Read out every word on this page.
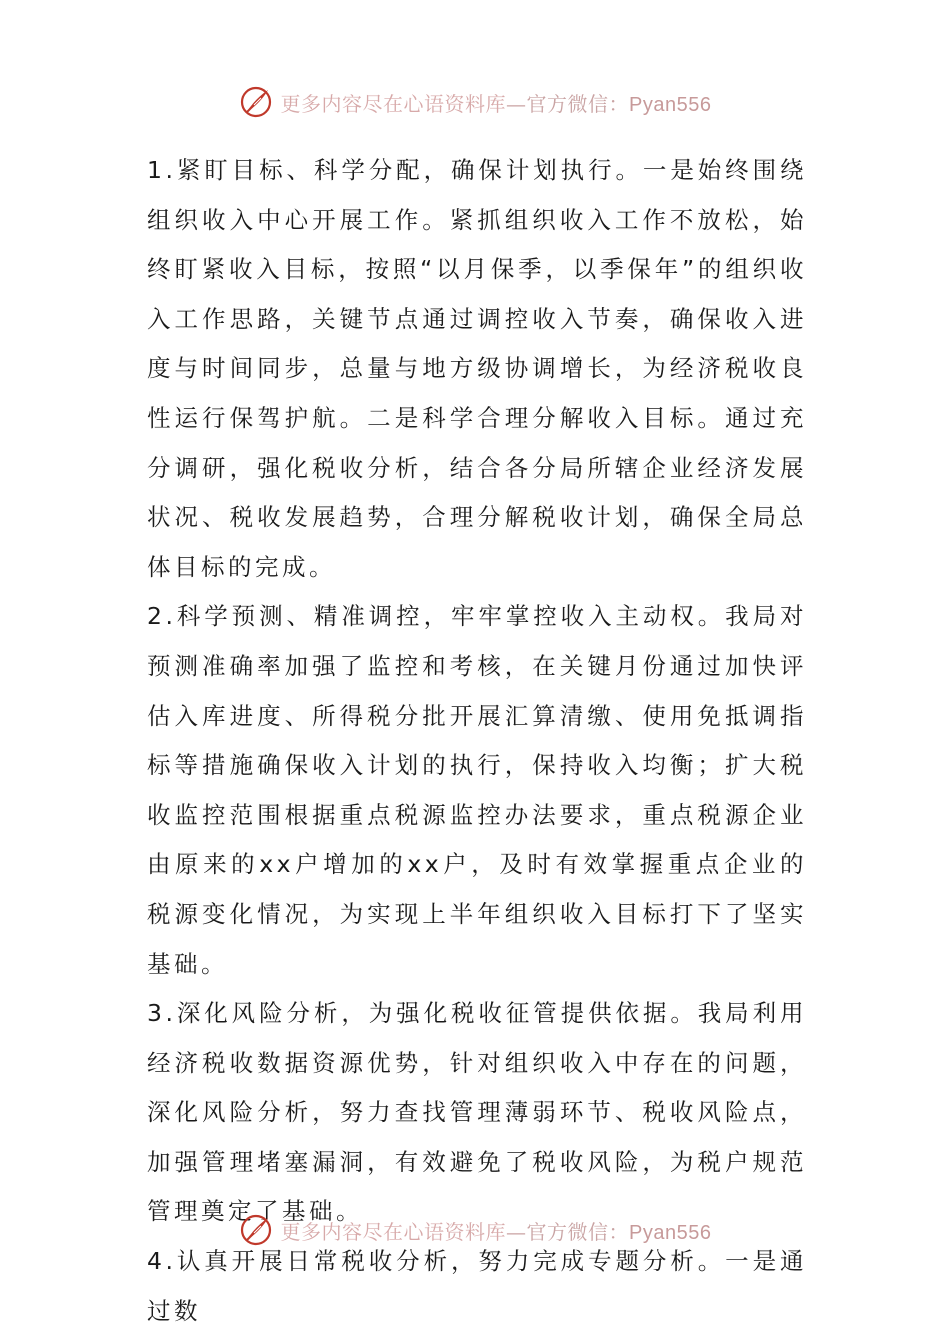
更多内容尽在心语资料库—官方微信：Pyan556

1.紧盯目标、科学分配，确保计划执行。一是始终围绕组织收入中心开展工作。紧抓组织收入工作不放松，始终盯紧收入目标，按照“以月保季，以季保年”的组织收入工作思路，关键节点通过调控收入节奏，确保收入进度与时间同步，总量与地方级协调增长，为经济税收良性运行保驾护航。二是科学合理分解收入目标。通过充分调研，强化税收分析，结合各分局所辖企业经济发展状况、税收发展趋势，合理分解税收计划，确保全局总体目标的完成。

2.科学预测、精准调控，牢牢掌控收入主动权。我局对预测准确率加强了监控和考核，在关键月份通过加快评估入库进度、所得税分批开展汇算清缴、使用免抵调指标等措施确保收入计划的执行，保持收入均衡；扩大税收监控范围根据重点税源监控办法要求，重点税源企业由原来的xx户增加的xx户，及时有效掌握重点企业的税源变化情况，为实现上半年组织收入目标打下了坚实基础。

3.深化风险分析，为强化税收征管提供依据。我局利用经济税收数据资源优势，针对组织收入中存在的问题，深化风险分析，努力查找管理薄弱环节、税收风险点，加强管理堵塞漏洞，有效避免了税收风险，为税户规范管理奠定了基础。

4.认真开展日常税收分析，努力完成专题分析。一是通过数

更多内容尽在心语资料库—官方微信：Pyan556
